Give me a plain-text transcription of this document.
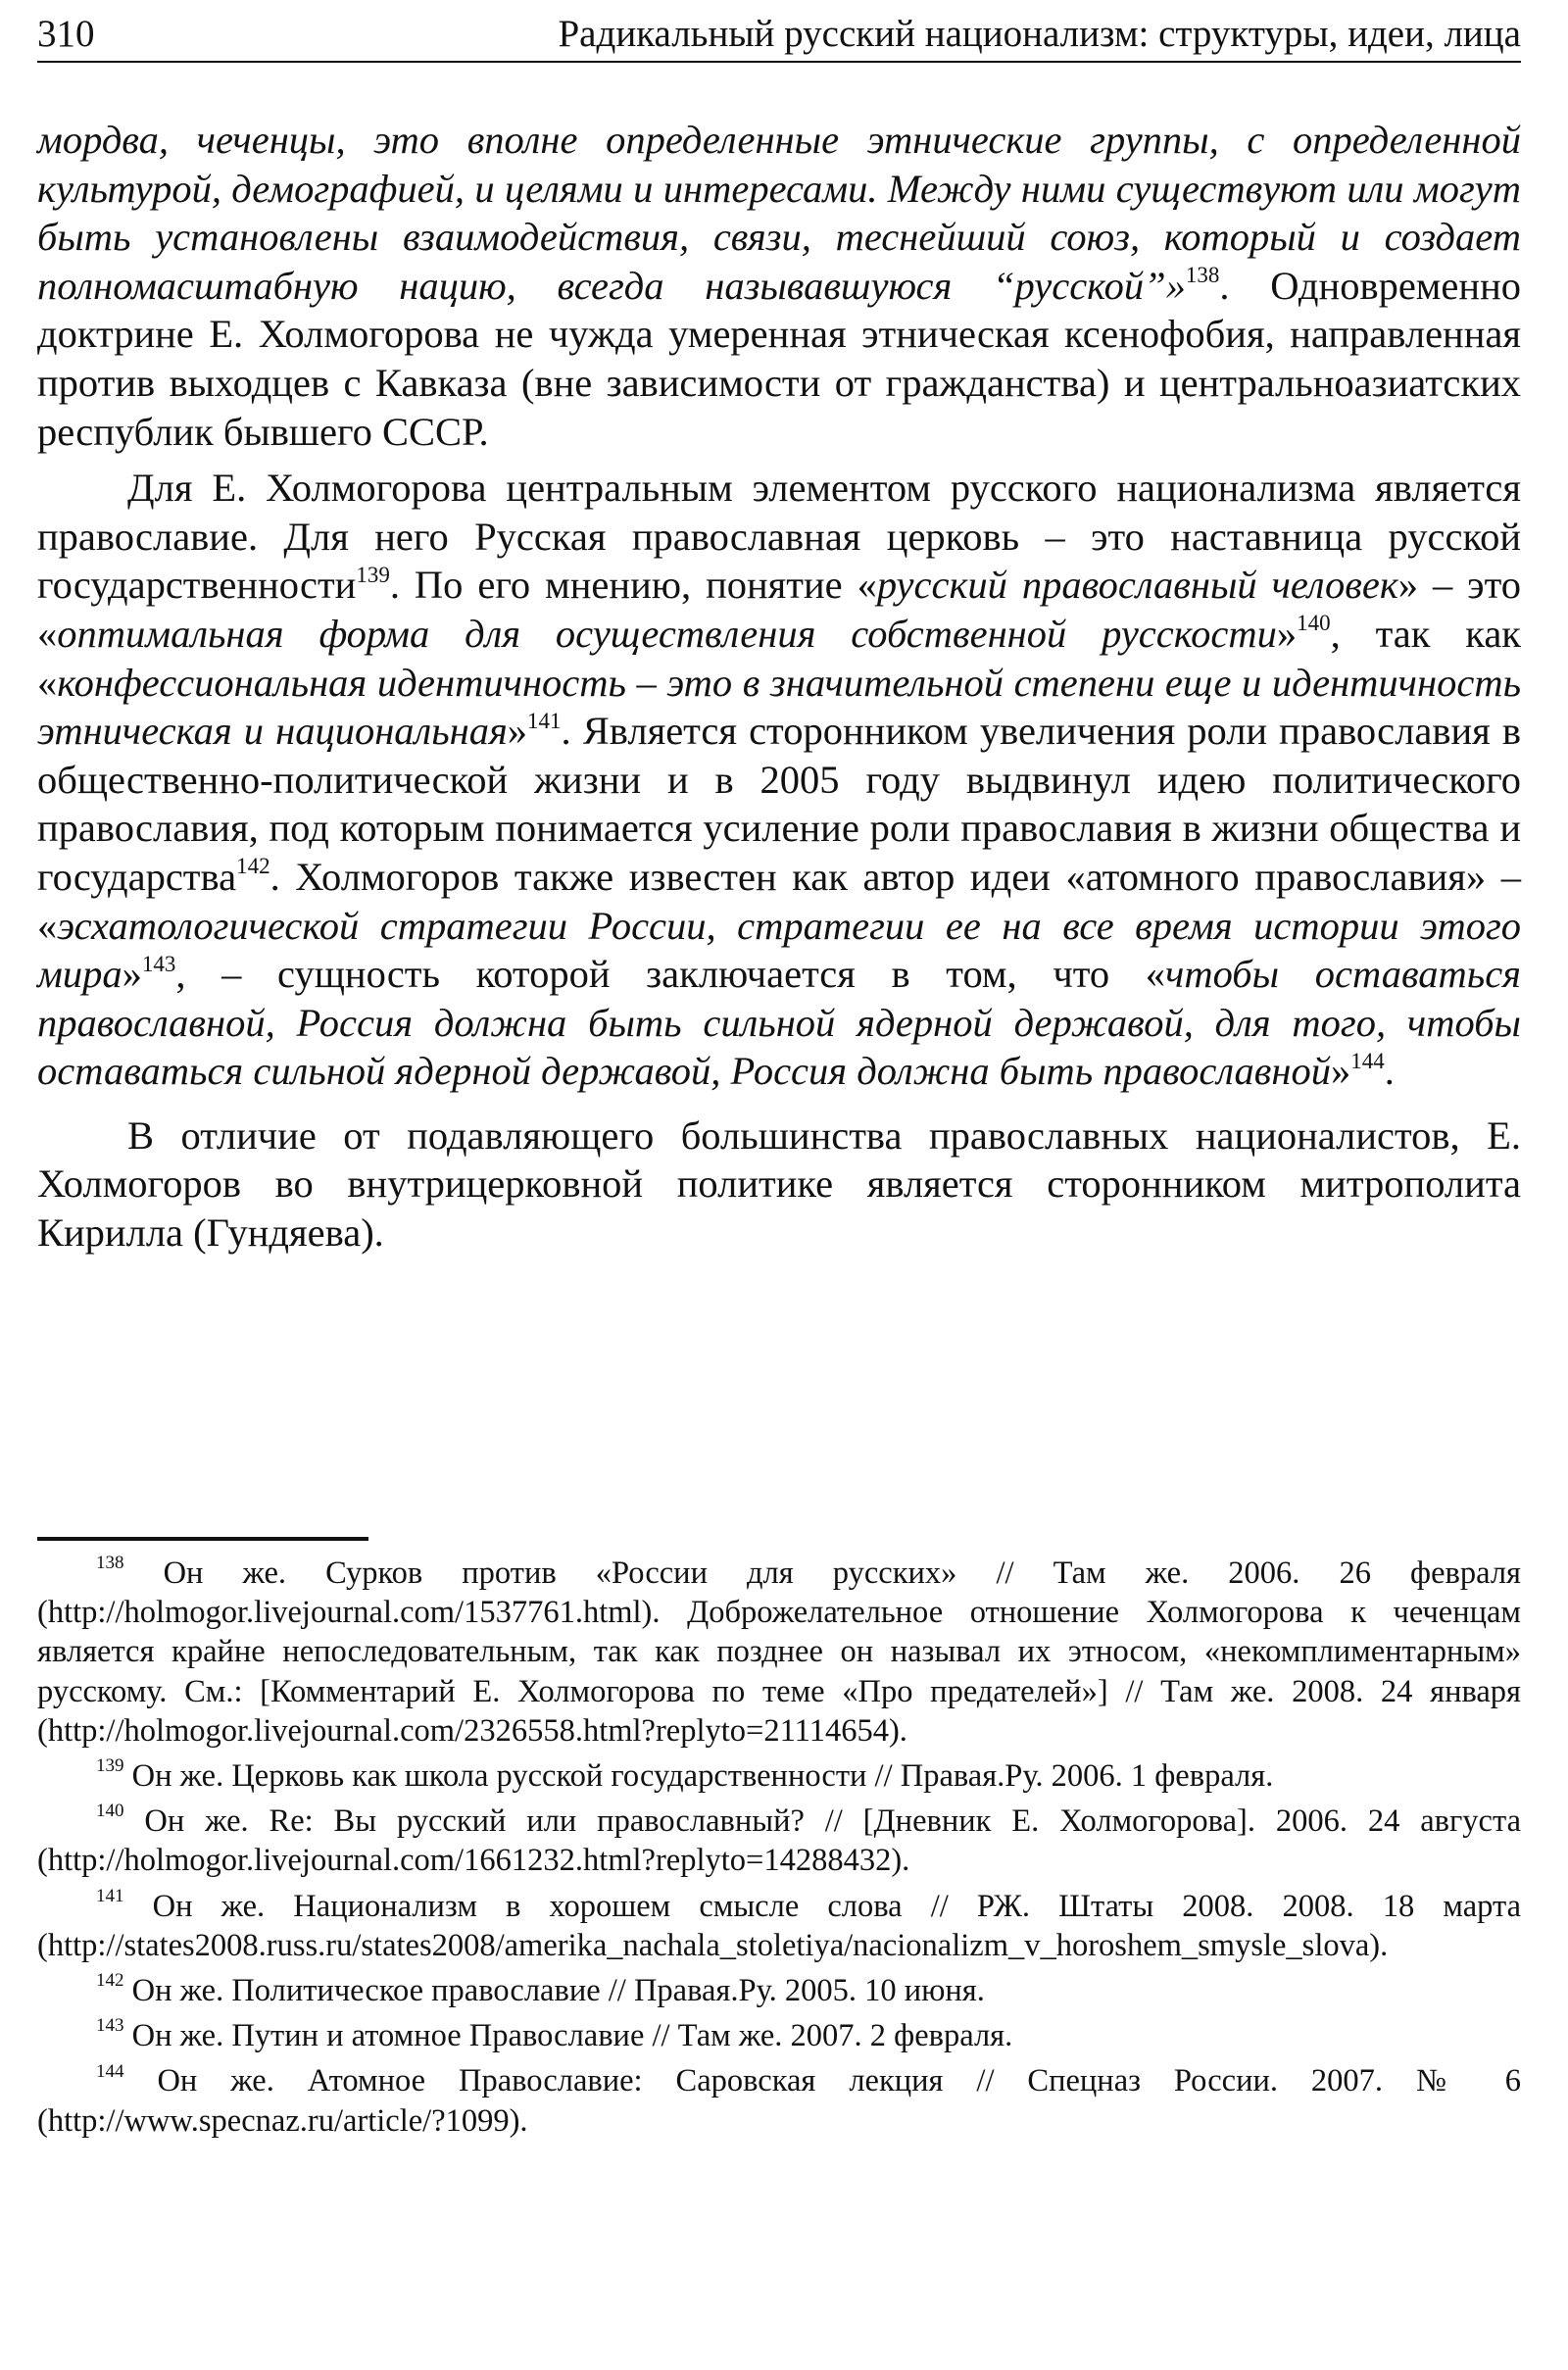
310	Радикальный русский национализм: структуры, идеи, лица

мордва, чеченцы, это вполне определенные этнические группы, с определенной культурой, демографией, и целями и интересами. Между ними существуют или могут быть установлены взаимодействия, связи, теснейший союз, который и создает полномасштабную нацию, всегда называвшуюся “русской”»$^{138}$. Одновременно доктрине Е. Холмогорова не чужда умеренная этническая ксенофобия, направленная против выходцев с Кавказа (вне зависимости от гражданства) и центральноазиатских республик бывшего СССР.

Для Е. Холмогорова центральным элементом русского национализма является православие. Для него Русская православная церковь – это наставница русской государственности$^{139}$. По его мнению, понятие «русский православный человек» – это «оптимальная форма для осуществления собственной русскости»$^{140}$, так как «конфессиональная идентичность – это в значительной степени еще и идентичность этническая и национальная»$^{141}$. Является сторонником увеличения роли православия в общественно-политической жизни и в 2005 году выдвинул идею политического православия, под которым понимается усиление роли православия в жизни общества и государства$^{142}$. Холмогоров также известен как автор идеи «атомного православия» – «эсхатологической стратегии России, стратегии ее на все время истории этого мира»$^{143}$, – сущность которой заключается в том, что «чтобы оставаться православной, Россия должна быть сильной ядерной державой, для того, чтобы оставаться сильной ядерной державой, Россия должна быть православной»$^{144}$.

В отличие от подавляющего большинства православных националистов, Е. Холмогоров во внутрицерковной политике является сторонником митрополита Кирилла (Гундяева).

$^{138}$ Он же. Сурков против «России для русских» // Там же. 2006. 26 февраля (http://holmogor.livejournal.com/1537761.html). Доброжелательное отношение Холмогорова к чеченцам является крайне непоследовательным, так как позднее он называл их этносом, «некомплиментарным» русскому. См.: [Комментарий Е. Холмогорова по теме «Про предателей»] // Там же. 2008. 24 января (http://holmogor.livejournal.com/2326558.html?replyto=21114654).

$^{139}$ Он же. Церковь как школа русской государственности // Правая.Ру. 2006. 1 февраля.

$^{140}$ Он же. Re: Вы русский или православный? // [Дневник Е. Холмогорова]. 2006. 24 августа (http://holmogor.livejournal.com/1661232.html?replyto=14288432).

$^{141}$ Он же. Национализм в хорошем смысле слова // РЖ. Штаты 2008. 2008. 18 марта (http://states2008.russ.ru/states2008/amerika_nachala_stoletiya/nacionalizm_v_horoshem_smysle_slova).

$^{142}$ Он же. Политическое православие // Правая.Ру. 2005. 10 июня.

$^{143}$ Он же. Путин и атомное Православие // Там же. 2007. 2 февраля.

$^{144}$ Он же. Атомное Православие: Саровская лекция // Спецназ России. 2007. № 6 (http://www.specnaz.ru/article/?1099).
